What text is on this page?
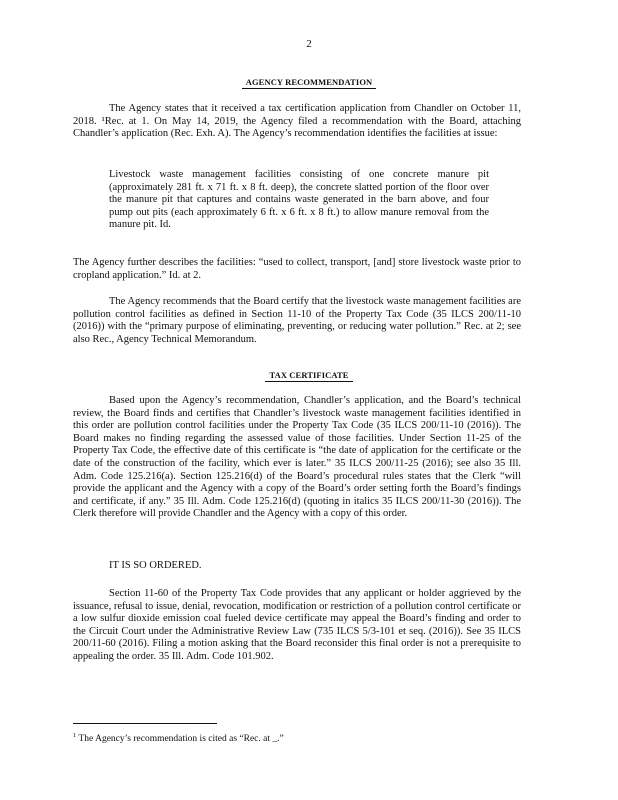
2
AGENCY RECOMMENDATION

The Agency states that it received a tax certification application from Chandler on October 11, 2018. ¹Rec. at 1. On May 14, 2019, the Agency filed a recommendation with the Board, attaching Chandler’s application (Rec. Exh. A). The Agency’s recommendation identifies the facilities at issue:

Livestock waste management facilities consisting of one concrete manure pit (approximately 281 ft. x 71 ft. x 8 ft. deep), the concrete slatted portion of the floor over the manure pit that captures and contains waste generated in the barn above, and four pump out pits (each approximately 6 ft. x 6 ft. x 8 ft.) to allow manure removal from the manure pit. Id.

The Agency further describes the facilities: “used to collect, transport, [and] store livestock waste prior to cropland application.” Id. at 2.

The Agency recommends that the Board certify that the livestock waste management facilities are pollution control facilities as defined in Section 11-10 of the Property Tax Code (35 ILCS 200/11-10 (2016)) with the “primary purpose of eliminating, preventing, or reducing water pollution.” Rec. at 2; see also Rec., Agency Technical Memorandum.

TAX CERTIFICATE

Based upon the Agency’s recommendation, Chandler’s application, and the Board’s technical review, the Board finds and certifies that Chandler’s livestock waste management facilities identified in this order are pollution control facilities under the Property Tax Code (35 ILCS 200/11-10 (2016)). The Board makes no finding regarding the assessed value of those facilities. Under Section 11-25 of the Property Tax Code, the effective date of this certificate is “the date of application for the certificate or the date of the construction of the facility, which ever is later.” 35 ILCS 200/11-25 (2016); see also 35 Ill. Adm. Code 125.216(a). Section 125.216(d) of the Board’s procedural rules states that the Clerk “will provide the applicant and the Agency with a copy of the Board’s order setting forth the Board’s findings and certificate, if any.” 35 Ill. Adm. Code 125.216(d) (quoting in italics 35 ILCS 200/11-30 (2016)). The Clerk therefore will provide Chandler and the Agency with a copy of this order.

IT IS SO ORDERED.

Section 11-60 of the Property Tax Code provides that any applicant or holder aggrieved by the issuance, refusal to issue, denial, revocation, modification or restriction of a pollution control certificate or a low sulfur dioxide emission coal fueled device certificate may appeal the Board’s finding and order to the Circuit Court under the Administrative Review Law (735 ILCS 5/3-101 et seq. (2016)). See 35 ILCS 200/11-60 (2016). Filing a motion asking that the Board reconsider this final order is not a prerequisite to appealing the order. 35 Ill. Adm. Code 101.902.

$^1$ The Agency’s recommendation is cited as “Rec. at _.”
